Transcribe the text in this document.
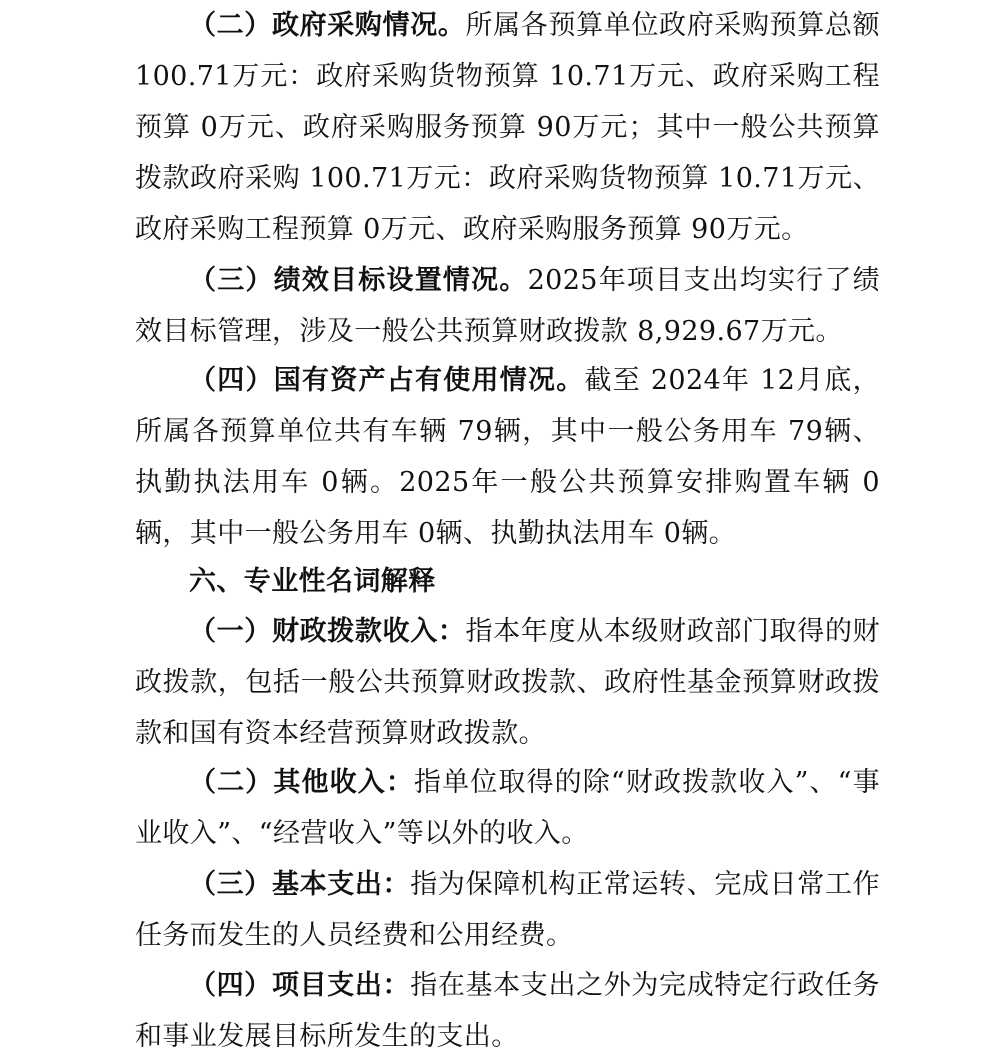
（二）政府采购情况。所属各预算单位政府采购预算总额100.71万元：政府采购货物预算 10.71万元、政府采购工程预算 0万元、政府采购服务预算 90万元；其中一般公共预算拨款政府采购 100.71万元：政府采购货物预算 10.71万元、政府采购工程预算 0万元、政府采购服务预算 90万元。

（三）绩效目标设置情况。2025年项目支出均实行了绩效目标管理，涉及一般公共预算财政拨款 8,929.67万元。

（四）国有资产占有使用情况。截至 2024年 12月底，所属各预算单位共有车辆 79辆，其中一般公务用车 79辆、执勤执法用车 0辆。2025年一般公共预算安排购置车辆 0辆，其中一般公务用车 0辆、执勤执法用车 0辆。

六、专业性名词解释

（一）财政拨款收入：指本年度从本级财政部门取得的财政拨款，包括一般公共预算财政拨款、政府性基金预算财政拨款和国有资本经营预算财政拨款。

（二）其他收入：指单位取得的除“财政拨款收入”、“事业收入”、“经营收入”等以外的收入。

（三）基本支出：指为保障机构正常运转、完成日常工作任务而发生的人员经费和公用经费。

（四）项目支出：指在基本支出之外为完成特定行政任务和事业发展目标所发生的支出。
